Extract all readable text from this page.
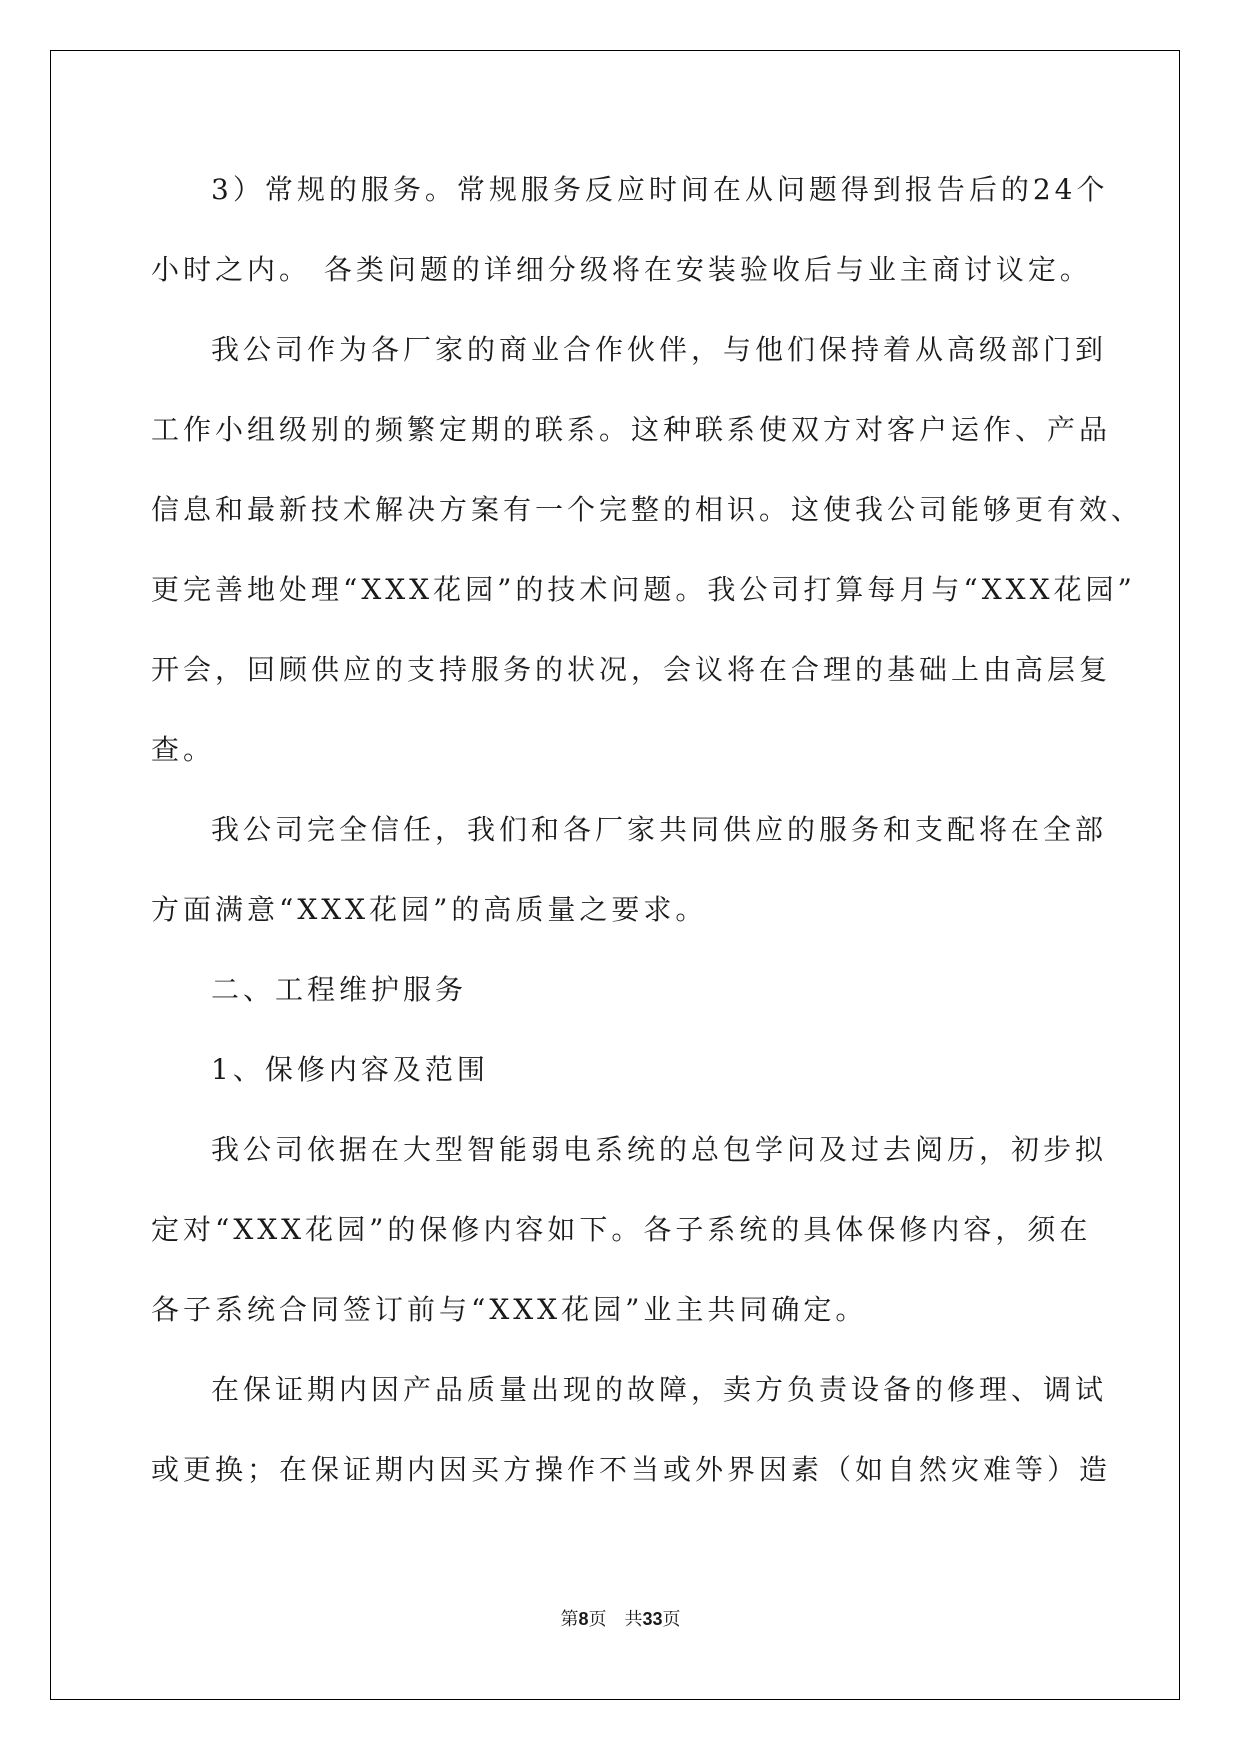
3）常规的服务。常规服务反应时间在从问题得到报告后的24个
小时之内。 各类问题的详细分级将在安装验收后与业主商讨议定。
我公司作为各厂家的商业合作伙伴，与他们保持着从高级部门到
工作小组级别的频繁定期的联系。这种联系使双方对客户运作、产品
信息和最新技术解决方案有一个完整的相识。这使我公司能够更有效、
更完善地处理“XXX花园”的技术问题。我公司打算每月与“XXX花园”
开会，回顾供应的支持服务的状况，会议将在合理的基础上由高层复
查。
我公司完全信任，我们和各厂家共同供应的服务和支配将在全部
方面满意“XXX花园”的高质量之要求。
二、工程维护服务
1、保修内容及范围
我公司依据在大型智能弱电系统的总包学问及过去阅历，初步拟
定对“XXX花园”的保修内容如下。各子系统的具体保修内容，须在
各子系统合同签订前与“XXX花园”业主共同确定。
在保证期内因产品质量出现的故障，卖方负责设备的修理、调试
或更换；在保证期内因买方操作不当或外界因素（如自然灾难等）造
第8页 共33页
